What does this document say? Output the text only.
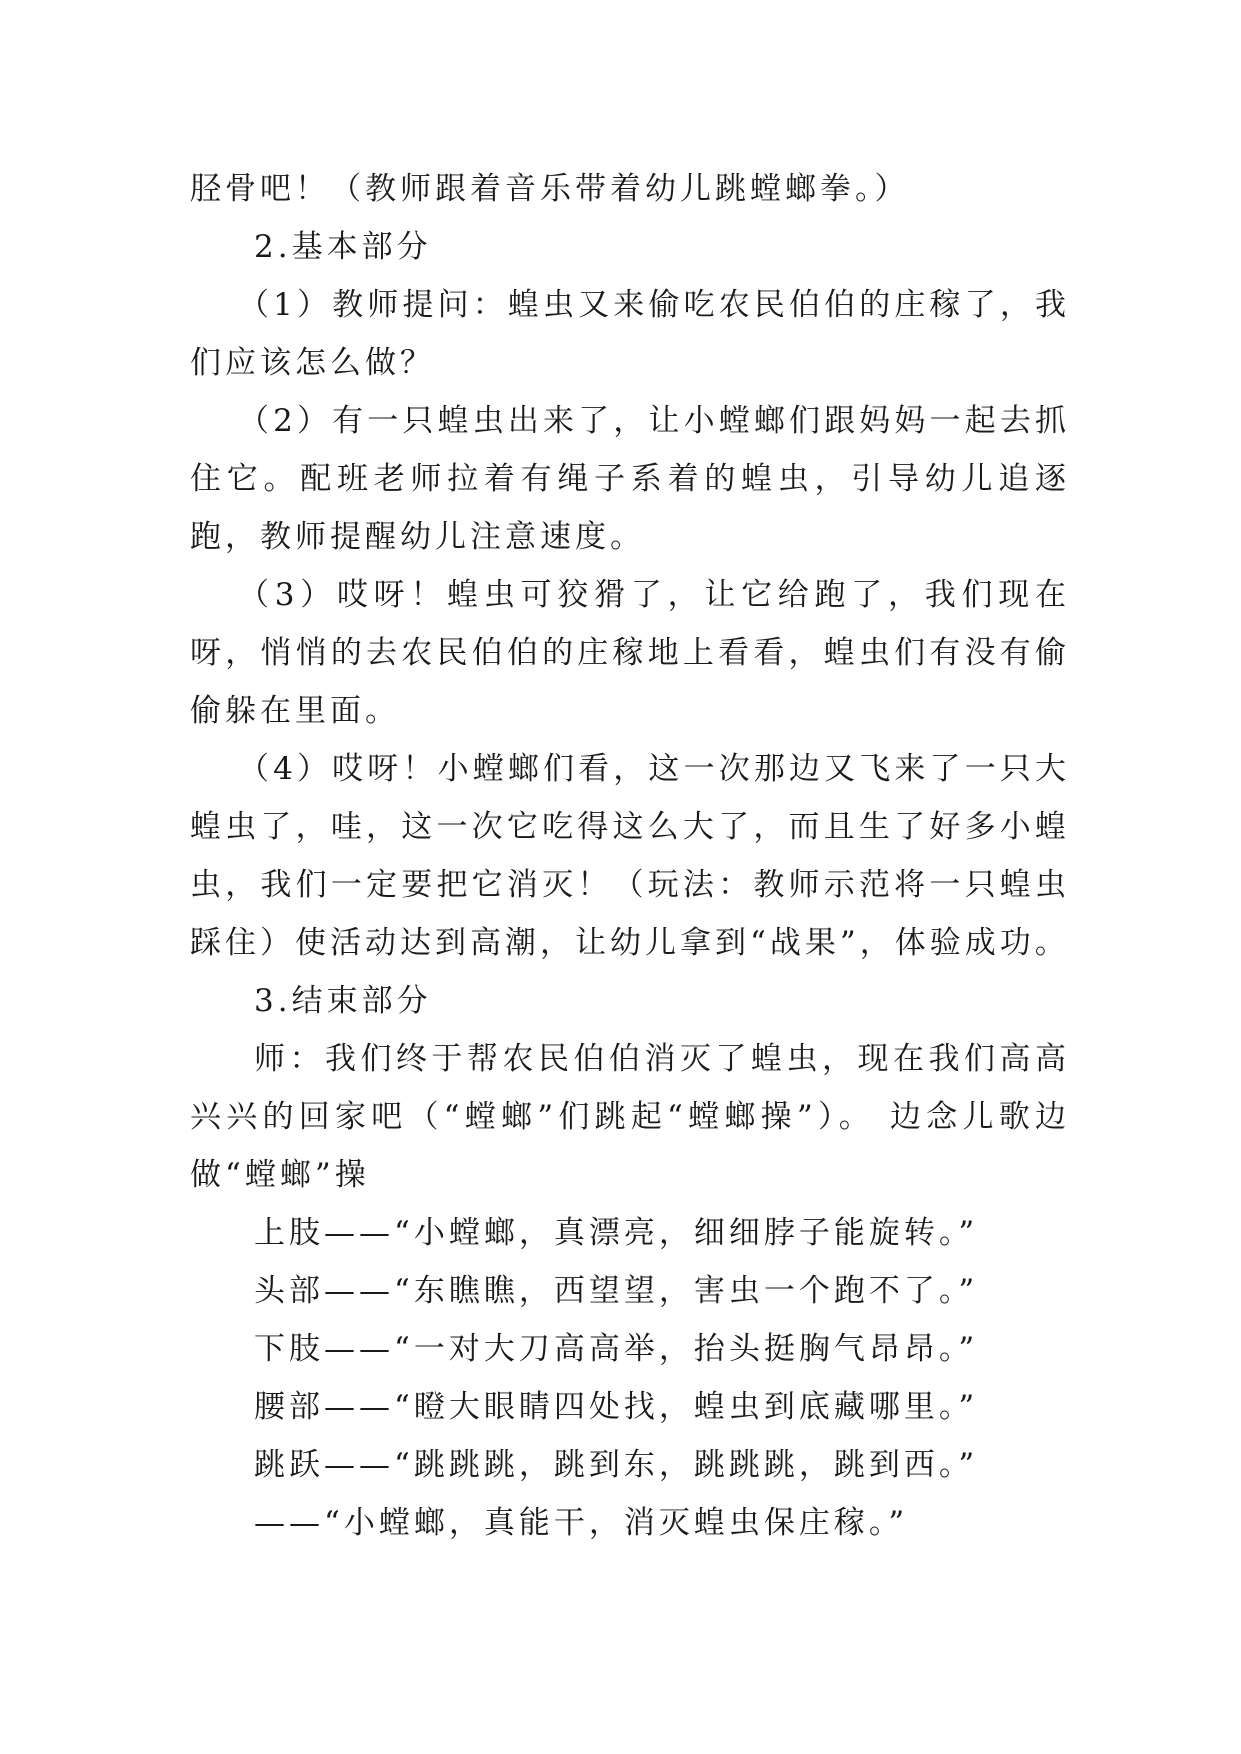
胫骨吧！（教师跟着音乐带着幼儿跳螳螂拳。）

2.基本部分

（1）教师提问：蝗虫又来偷吃农民伯伯的庄稼了，我们应该怎么做？

（2）有一只蝗虫出来了，让小螳螂们跟妈妈一起去抓住它。配班老师拉着有绳子系着的蝗虫，引导幼儿追逐跑，教师提醒幼儿注意速度。

（3）哎呀！蝗虫可狡猾了，让它给跑了，我们现在呀，悄悄的去农民伯伯的庄稼地上看看，蝗虫们有没有偷偷躲在里面。

（4）哎呀！小螳螂们看，这一次那边又飞来了一只大蝗虫了，哇，这一次它吃得这么大了，而且生了好多小蝗虫，我们一定要把它消灭！（玩法：教师示范将一只蝗虫踩住）使活动达到高潮，让幼儿拿到“战果”，体验成功。

3.结束部分

师：我们终于帮农民伯伯消灭了蝗虫，现在我们高高兴兴的回家吧（“螳螂”们跳起“螳螂操”）。 边念儿歌边做“螳螂”操

上肢——“小螳螂，真漂亮，细细脖子能旋转。”

头部——“东瞧瞧，西望望，害虫一个跑不了。”

下肢——“一对大刀高高举，抬头挺胸气昂昂。”

腰部——“瞪大眼睛四处找，蝗虫到底藏哪里。”

跳跃——“跳跳跳，跳到东，跳跳跳，跳到西。”

——“小螳螂，真能干，消灭蝗虫保庄稼。”
